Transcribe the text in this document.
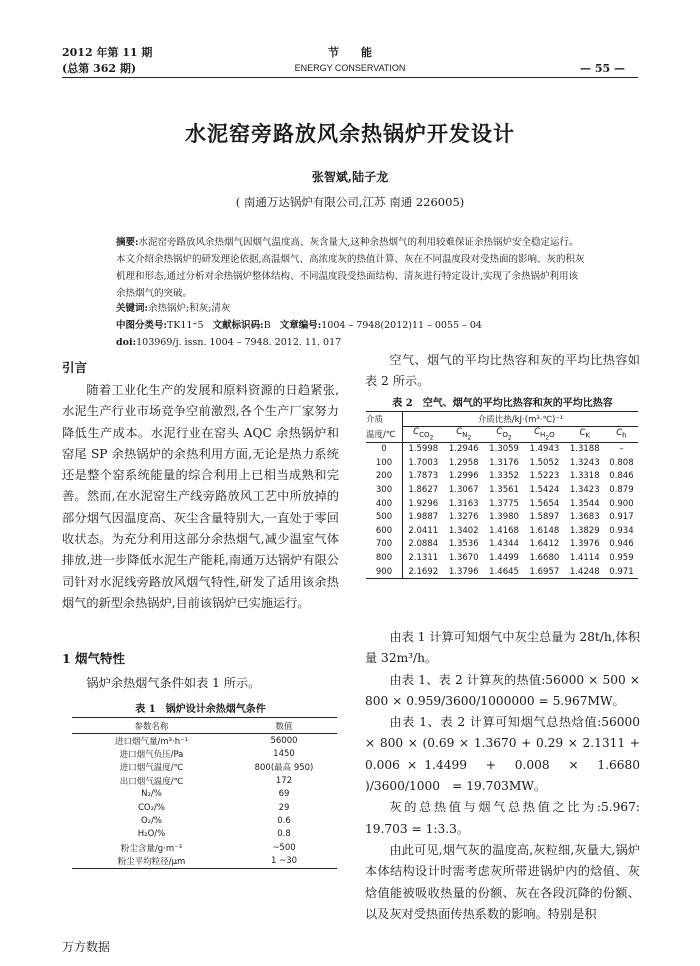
2012 年第 11 期
(总第 362 期)
节　　能
ENERGY CONSERVATION	— 55 —
水泥窑旁路放风余热锅炉开发设计
张智斌,陆子龙
( 南通万达锅炉有限公司,江苏 南通 226005)
摘要:水泥窑旁路放风余热烟气因烟气温度高、灰含量大,这种余热烟气的利用较难保证余热锅炉安全稳定运行。本文介绍余热锅炉的研发理论依据,高温烟气、高浓度灰的热值计算、灰在不同温度段对受热面的影响、灰的积灰机理和形态,通过分析对余热锅炉整体结构、不同温度段受热面结构、清灰进行特定设计,实现了余热锅炉利用该余热烟气的突破。
关键词:余热锅炉;积灰;清灰
中图分类号:TK11⁺5 文献标识码:B 文章编号:1004 – 7948(2012)11 – 0055 – 04
doi:103969/j. issn. 1004 – 7948. 2012. 11. 017
引言

随着工业化生产的发展和原料资源的日趋紧张,水泥生产行业市场竞争空前激烈,各个生产厂家努力降低生产成本。水泥行业在窑头 AQC 余热锅炉和窑尾 SP 余热锅炉的余热利用方面,无论是热力系统还是整个窑系统能量的综合利用上已相当成熟和完善。然而,在水泥窑生产线旁路放风工艺中所放掉的部分烟气因温度高、灰尘含量特别大,一直处于零回收状态。为充分利用这部分余热烟气,减少温室气体排放,进一步降低水泥生产能耗,南通万达锅炉有限公司针对水泥线旁路放风烟气特性,研发了适用该余热烟气的新型余热锅炉,目前该锅炉已实施运行。

1 烟气特性

锅炉余热烟气条件如表 1 所示。

表 1　锅炉设计余热烟气条件
参数名称	数值
进口烟气量/m³·h⁻¹	56000
进口烟气负压/Pa	1450
进口烟气温度/℃	800(最高 950)
出口烟气温度/℃	172
N₂/%	69
CO₂/%	29
O₂/%	0.6
H₂O/%	0.8
粉尘含量/g·m⁻³	~500
粉尘平均粒径/μm	1 ~30

空气、烟气的平均比热容和灰的平均比热容如表 2 所示。

表 2　空气、烟气的平均比热容和灰的平均比热容
介质	介质比热/kJ·(m³·℃)⁻¹					
温度/℃	$C_{CO_2}$	$C_{N_2}$	$C_{O_2}$	$C_{H_2O}$	$C_K$	$C_h$
0	1.5998	1.2946	1.3059	1.4943	1.3188	–
100	1.7003	1.2958	1.3176	1.5052	1.3243	0.808
200	1.7873	1.2996	1.3352	1.5223	1.3318	0.846
300	1.8627	1.3067	1.3561	1.5424	1.3423	0.879
400	1.9296	1.3163	1.3775	1.5654	1.3544	0.900
500	1.9887	1.3276	1.3980	1.5897	1.3683	0.917
600	2.0411	1.3402	1.4168	1.6148	1.3829	0.934
700	2.0884	1.3536	1.4344	1.6412	1.3976	0.946
800	2.1311	1.3670	1.4499	1.6680	1.4114	0.959
900	2.1692	1.3796	1.4645	1.6957	1.4248	0.971

由表 1 计算可知烟气中灰尘总量为 28t/h,体积量 32m³/h。

由表 1、表 2 计算灰的热值:56000 × 500 × 800 × 0.959/3600/1000000 = 5.967MW。

由表 1、表 2 计算可知烟气总热焓值:56000 × 800 × (0.69 × 1.3670 + 0.29 × 2.1311 + 0.006 × 1.4499　+　0.008　×　1.6680 )/3600/1000　= 19.703MW。

灰的总热值与烟气总热值之比为:5.967: 19.703 = 1:3.3。

由此可见,烟气灰的温度高,灰粒细,灰量大,锅炉本体结构设计时需考虑灰所带进锅炉内的焓值、灰焓值能被吸收热量的份额、灰在各段沉降的份额、以及灰对受热面传热系数的影响。特别是积

万方数据
